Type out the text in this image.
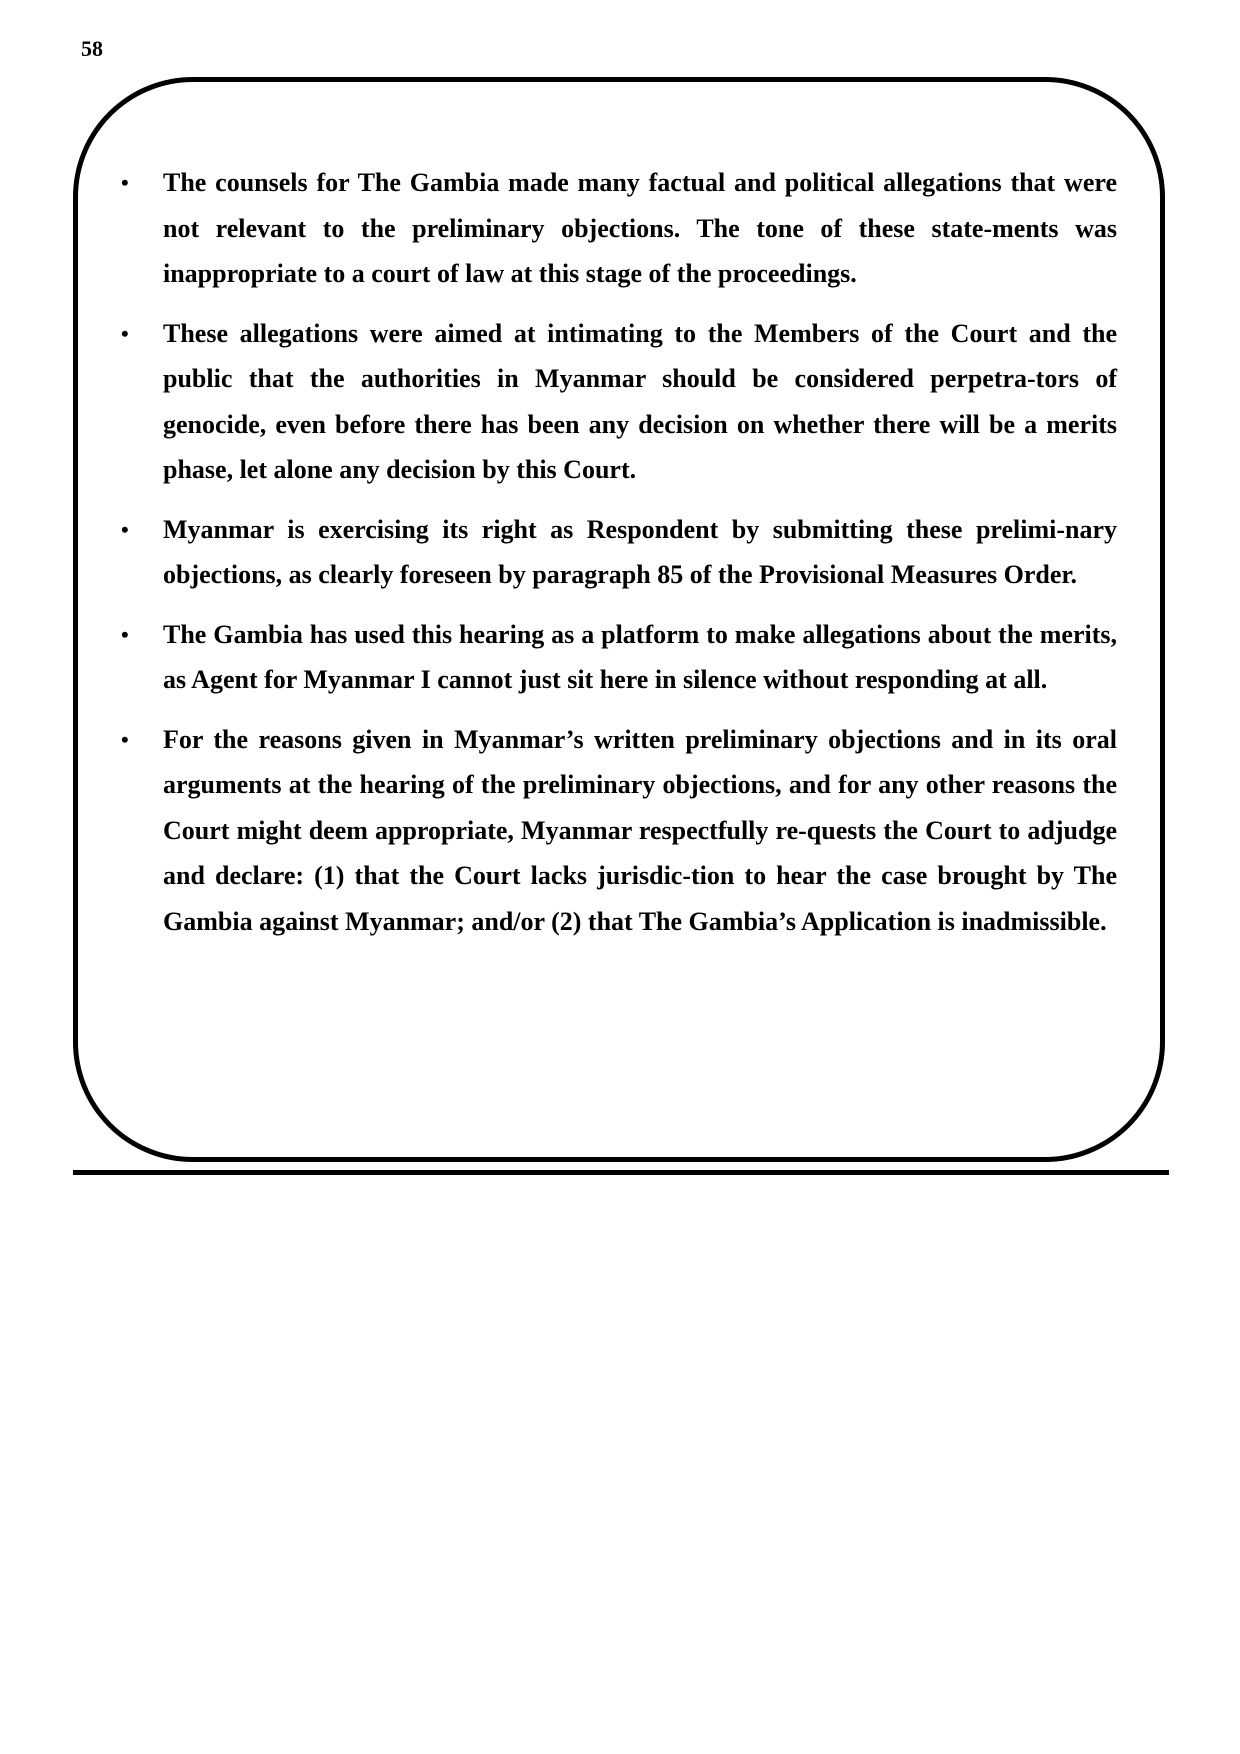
58
• The counsels for The Gambia made many factual and political allegations that were not relevant to the preliminary objections. The tone of these state-ments was inappropriate to a court of law at this stage of the proceedings.
• These allegations were aimed at intimating to the Members of the Court and the public that the authorities in Myanmar should be considered perpetra-tors of genocide, even before there has been any decision on whether there will be a merits phase, let alone any decision by this Court.
• Myanmar is exercising its right as Respondent by submitting these prelimi-nary objections, as clearly foreseen by paragraph 85 of the Provisional Measures Order.
• The Gambia has used this hearing as a platform to make allegations about the merits, as Agent for Myanmar I cannot just sit here in silence without responding at all.
• For the reasons given in Myanmar’s written preliminary objections and in its oral arguments at the hearing of the preliminary objections, and for any other reasons the Court might deem appropriate, Myanmar respectfully re-quests the Court to adjudge and declare: (1) that the Court lacks jurisdic-tion to hear the case brought by The Gambia against Myanmar; and/or (2) that The Gambia’s Application is inadmissible.
